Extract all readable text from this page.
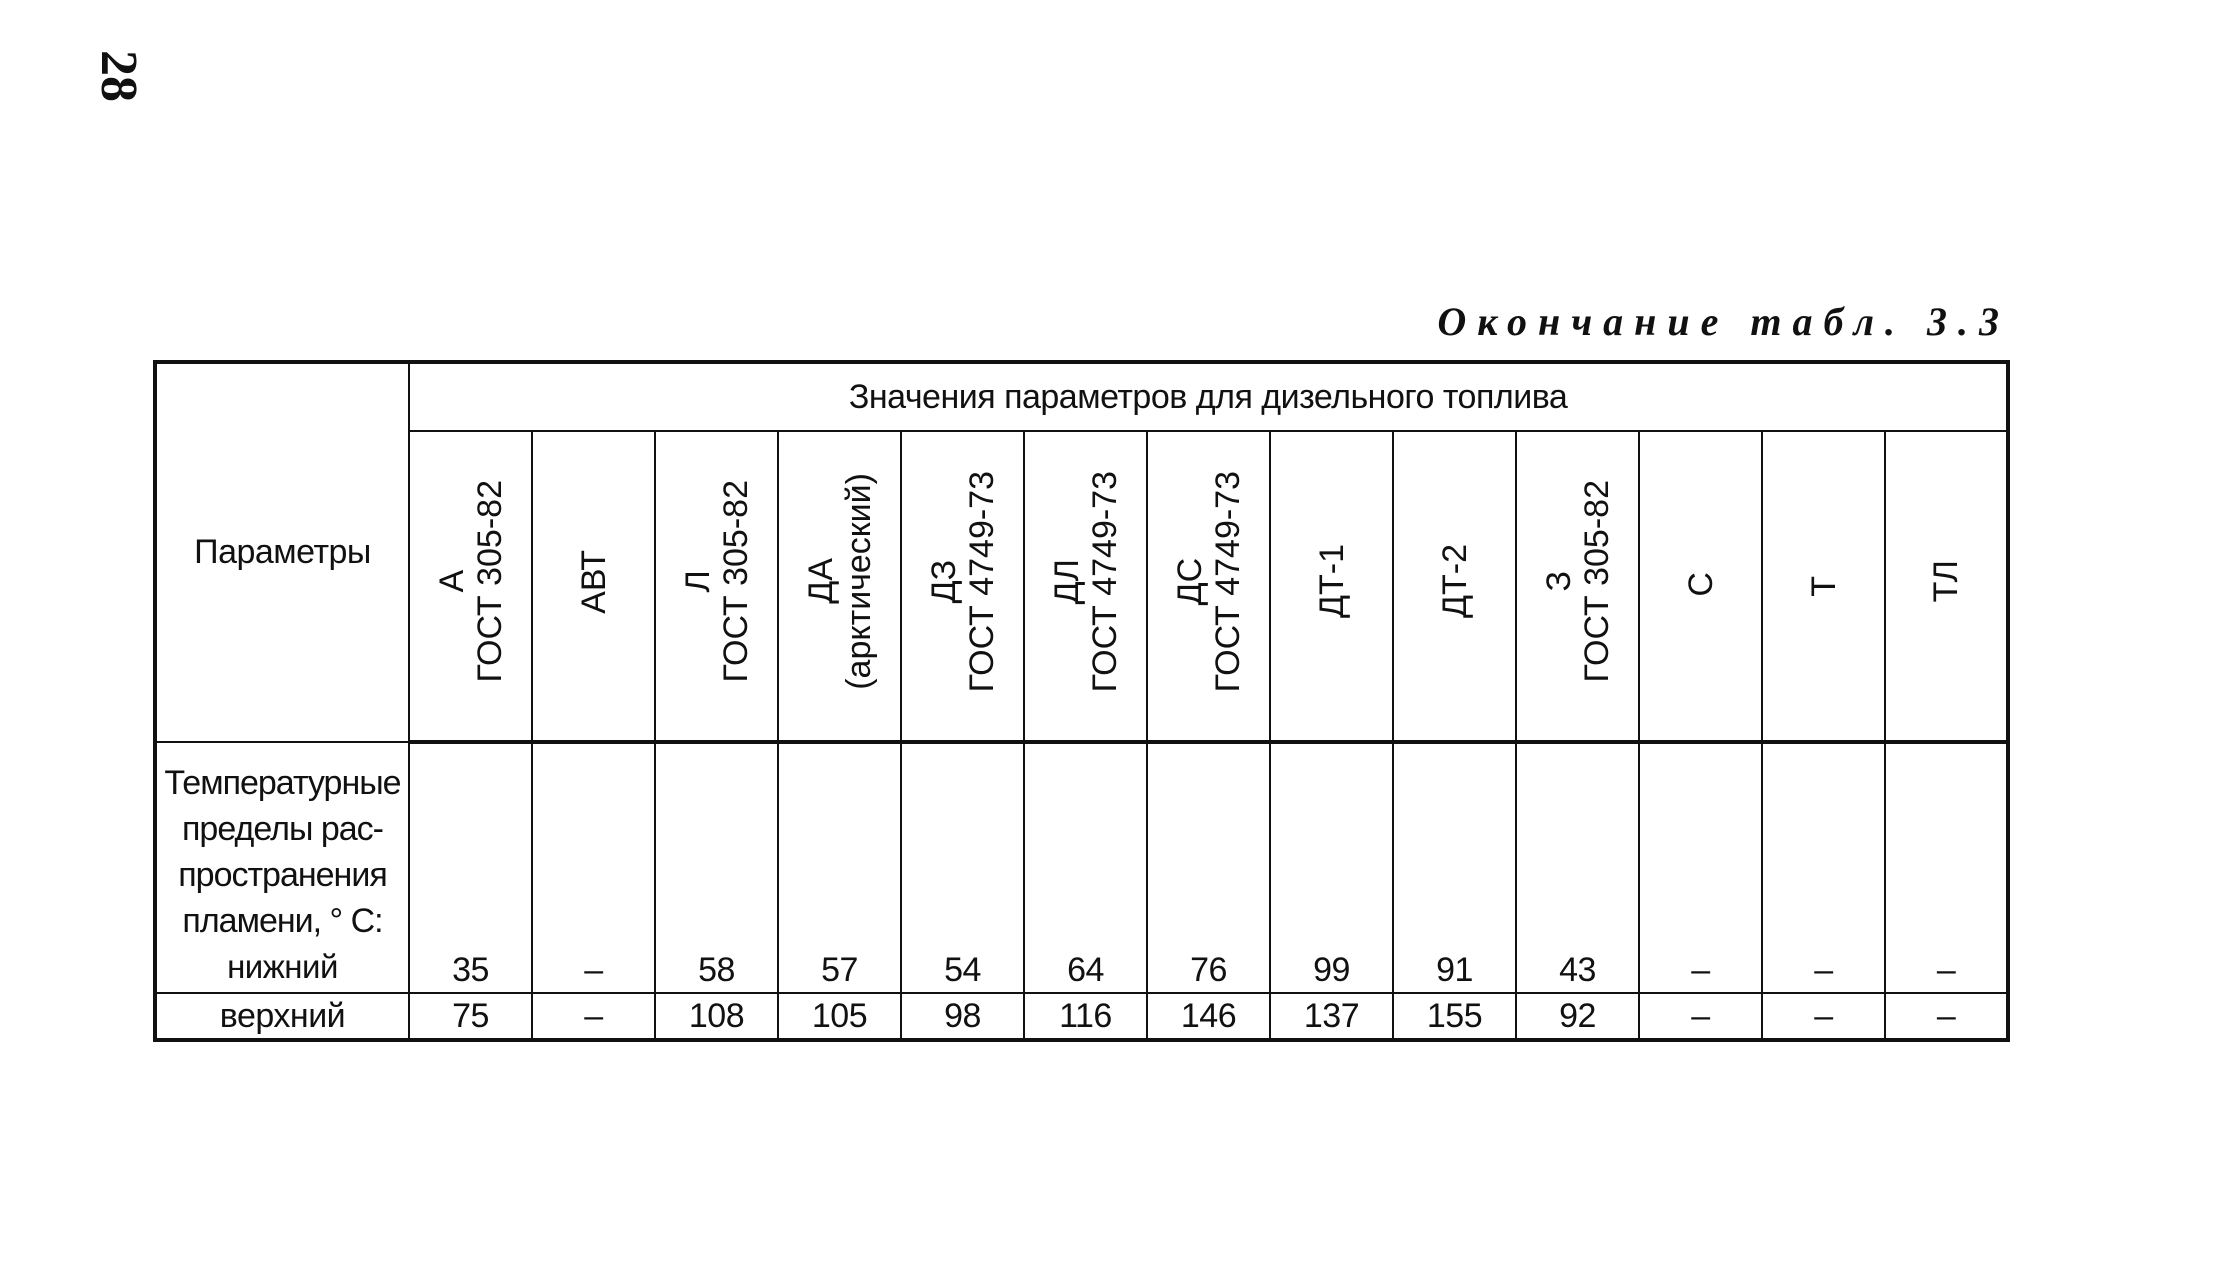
28
Окончание табл. 3.3
Параметры	Значения параметров для дизельного топлива												

	А ГОСТ 305-82	АВТ	Л ГОСТ 305-82	ДА (арктический)	ДЗ ГОСТ 4749-73	ДЛ ГОСТ 4749-73	ДС ГОСТ 4749-73	ДТ-1	ДТ-2	З ГОСТ 305-82	С	Т	ТЛ

Температурные
пределы рас-
пространения
пламени, ° С:
нижний	35	–	58	57	54	64	76	99	91	43	–	–	–
верхний	75	–	108	105	98	116	146	137	155	92	–	–	–
